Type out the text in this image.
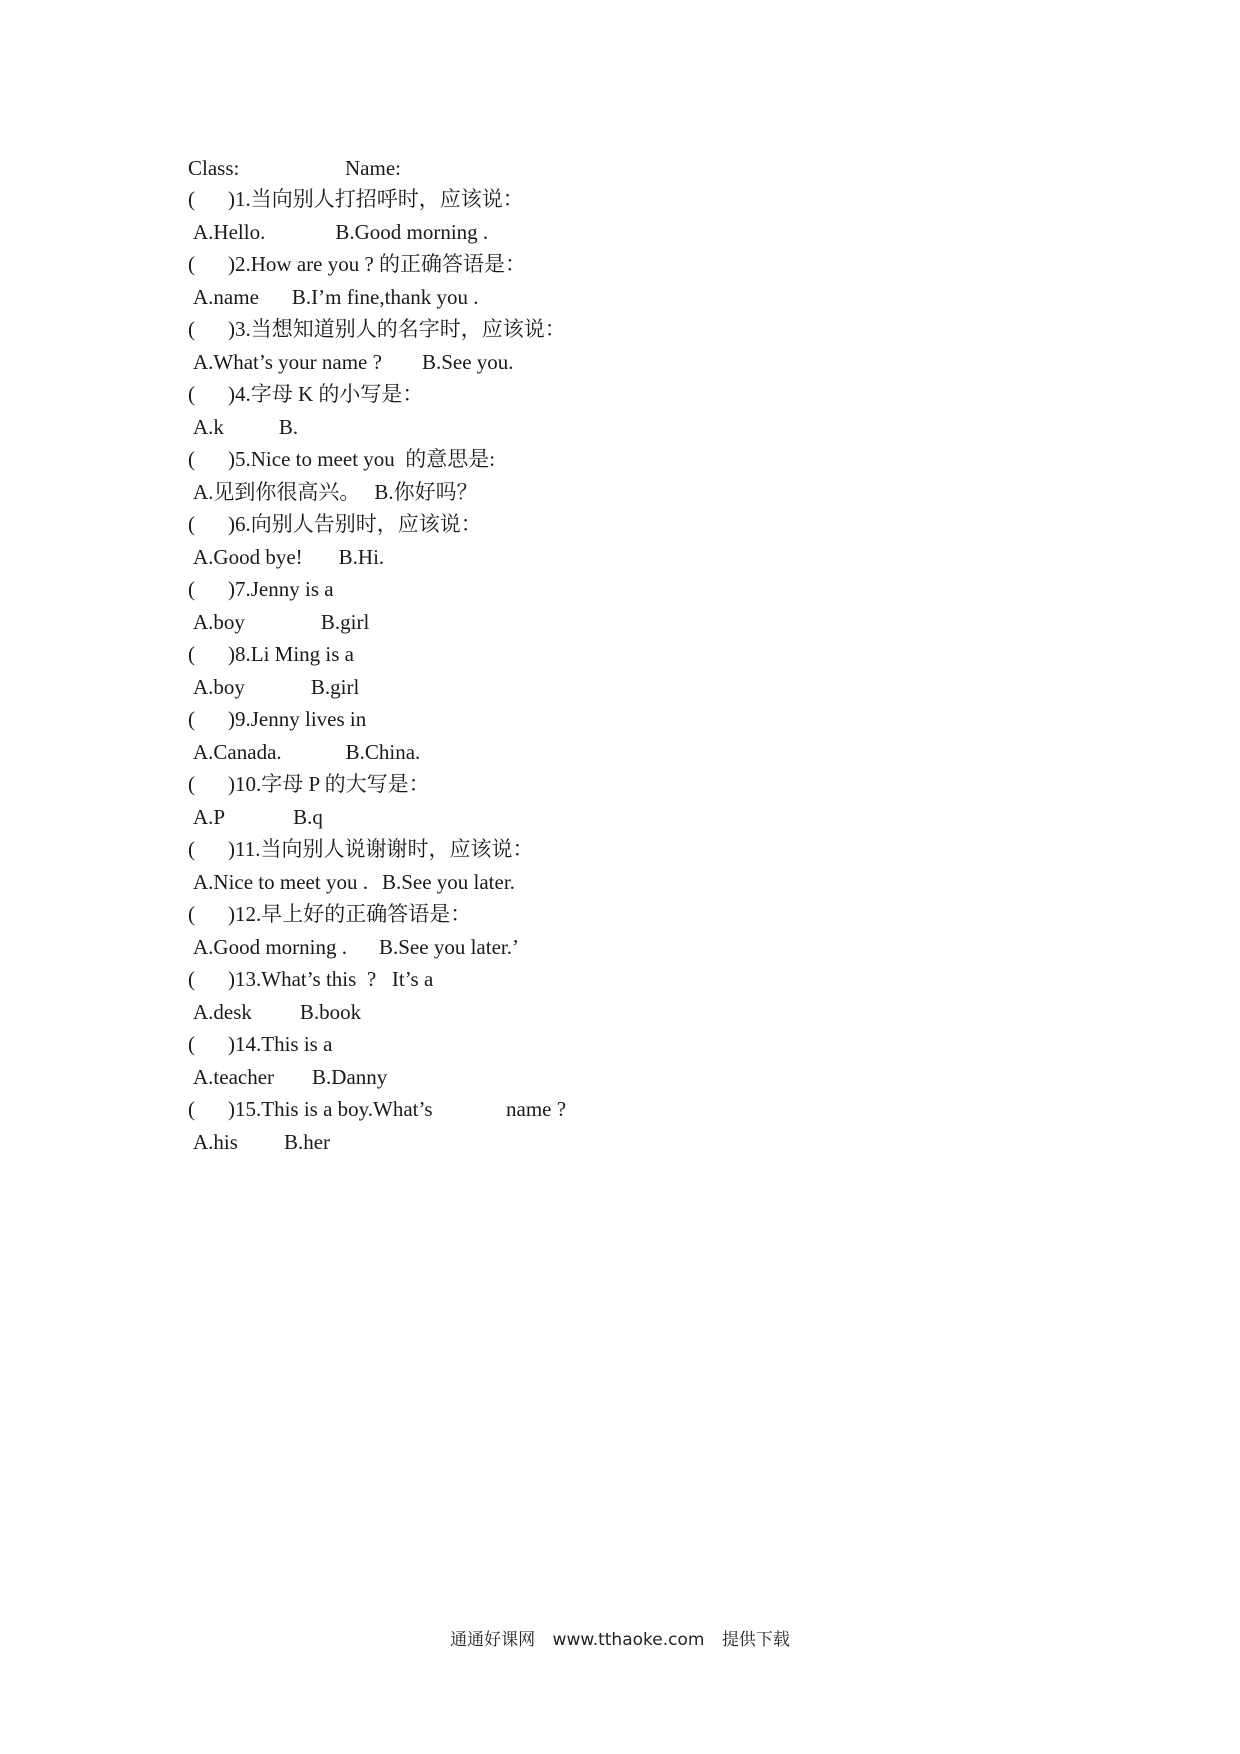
Class:	Name:
( )1.当向别人打招呼时，应该说：
A.Hello.	B.Good morning .
( )2.How are you ? 的正确答语是：
A.name B.I’m fine,thank you .
( )3.当想知道别人的名字时，应该说：
A.What’s your name ? B.See you.
( )4.字母 K 的小写是：
A.k	B.
( )5.Nice to meet you  的意思是:
A.见到你很高兴。 B.你好吗？
( )6.向别人告别时，应该说：
A.Good bye! B.Hi.
( )7.Jenny is a
A.boy	B.girl
( )8.Li Ming is a
A.boy	B.girl
( )9.Jenny lives in
A.Canada.	B.China.
( )10.字母 P 的大写是：
A.P	B.q
( )11.当向别人说谢谢时，应该说：
A.Nice to meet you . B.See you later.
( )12.早上好的正确答语是：
A.Good morning . B.See you later.’
( )13.What’s this  ?   It’s a
A.desk B.book
( )14.This is a
A.teacher B.Danny
( )15.This is a boy.What’s              name ?
A.his B.her
通通好课网 www.tthaoke.com 提供下载
